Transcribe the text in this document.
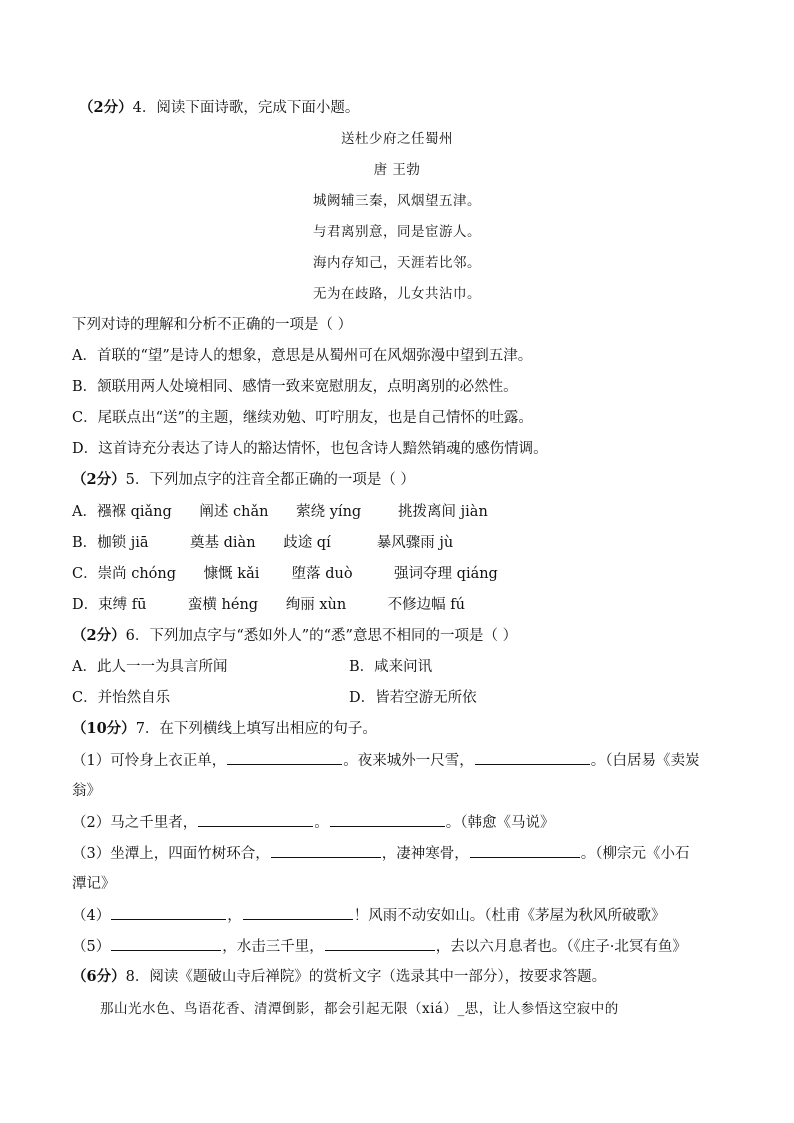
（2分）4．阅读下面诗歌，完成下面小题。
送杜少府之任蜀州
唐 王勃
城阙辅三秦，风烟望五津。
与君离别意，同是宦游人。
海内存知己，天涯若比邻。
无为在歧路，儿女共沾巾。
下列对诗的理解和分析不正确的一项是（ ）
A．首联的“望”是诗人的想象，意思是从蜀州可在风烟弥漫中望到五津。
B．颔联用两人处境相同、感情一致来宽慰朋友，点明离别的必然性。
C．尾联点出“送”的主题，继续劝勉、叮咛朋友，也是自己情怀的吐露。
D．这首诗充分表达了诗人的豁达情怀，也包含诗人黯然销魂的感伤情调。
（2分）5．下列加点字的注音全都正确的一项是（ ）
A．襁褓 qiǎng      阐述 chǎn      萦绕 yíng        挑拨离间 jiàn
B．枷锁 jiā         奠基 diàn      歧途 qí          暴风骤雨 jù
C．崇尚 chóng      慷慨 kǎi       堕落 duò         强词夺理 qiáng
D．束缚 fū         蛮横 héng      绚丽 xùn         不修边幅 fú
（2分）6．下列加点字与“悉如外人”的“悉”意思不相同的一项是（ ）
A．此人一一为具言所闻	B．咸来问讯
C．并怡然自乐	D．皆若空游无所依
（10分）7．在下列横线上填写出相应的句子。
（1）可怜身上衣正单，	。夜来城外一尺雪，	。（白居易《卖炭
翁》
（2）马之千里者，	。	。（韩愈《马说》
（3）坐潭上，四面竹树环合，	，凄神寒骨，	。（柳宗元《小石
潭记》
（4）	，	！风雨不动安如山。（杜甫《茅屋为秋风所破歌》
（5）	，水击三千里，	，去以六月息者也。（《庄子·北冥有鱼》
（6分）8．阅读《题破山寺后禅院》的赏析文字（选录其中一部分），按要求答题。
那山光水色、鸟语花香、清潭倒影，都会引起无限（xiá）_思，让人参悟这空寂中的
